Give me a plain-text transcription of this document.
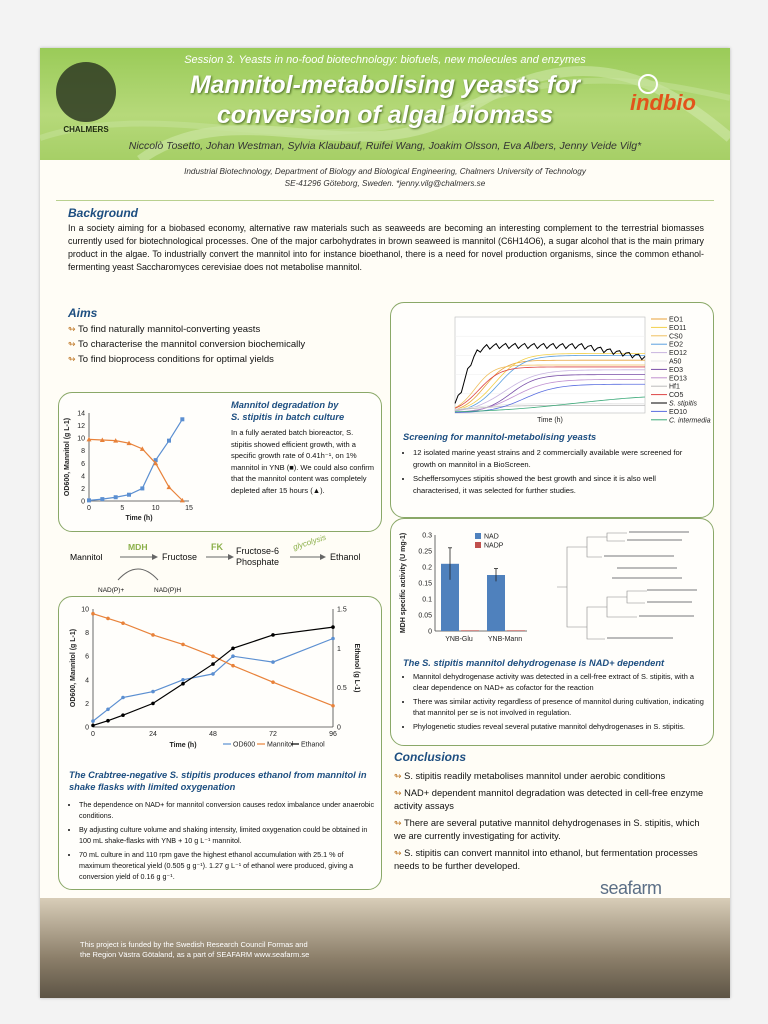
CHALMERS
Session 3. Yeasts in no-food biotechnology: biofuels, new molecules and enzymes
Mannitol-metabolising yeasts for
conversion of algal biomass	indbio
Niccolò Tosetto, Johan Westman, Sylvia Klaubauf, Ruifei Wang, Joakim Olsson, Eva Albers, Jenny Veide Vilg*
Industrial Biotechnology, Department of Biology and Biological Engineering, Chalmers University of Technology
SE-41296 Göteborg, Sweden. *jenny.vilg@chalmers.se
Background
In a society aiming for a biobased economy, alternative raw materials such as seaweeds are becoming an interesting complement to the terrestrial biomasses currently used for biotechnological processes. One of the major carbohydrates in brown seaweed is mannitol (C6H14O6), a sugar alcohol that is the main primary product in the algae. To industrially convert the mannitol into for instance bioethanol, there is a need for novel production organisms, since the common ethanol-fermenting yeast Saccharomyces cerevisiae does not metabolise mannitol.
Aims
↬ To find naturally mannitol-converting yeasts
↬ To characterise the mannitol conversion biochemically
↬ To find bioprocess conditions for optimal yields
Time (h)
EO1
EO11
CS0
EO2
EO12
A50
EO3
EO13
Hf1
CO5
S. stipitis
EO10
C. intermedia
Screening for mannitol-metabolising yeasts
• 12 isolated marine yeast strains and 2 commercially available were screened for growth on mannitol in a BioScreen.
• Scheffersomyces stipitis showed the best growth and since it is also well characterised, it was selected for further studies.
0
2
4
6
8
10
12
14
0	5	10	15
Time (h)
OD600, Mannitol (g L-1)
Mannitol degradation by
S. stipitis in batch culture
In a fully aerated batch bioreactor, S. stipitis showed efficient growth, with a specific growth rate of 0.41h⁻¹, on 1% mannitol in YNB (■). We could also confirm that the mannitol content was completely depleted after 15 hours (▲).
Mannitol
MDH
Fructose
FK Fructose-6
Phosphate
glycolysis
Ethanol
NAD(P)+	NAD(P)H
0
2
4
6
8
10
0
0.5
1
1.5
0	24	48	72	96
Time (h)
OD600, Mannitol (g L-1)	Ethanol (g L-1)
OD600 Mannitol Ethanol
The Crabtree-negative S. stipitis produces ethanol from mannitol in shake flasks with limited oxygenation
• The dependence on NAD+ for mannitol conversion causes redox imbalance under anaerobic conditions.
• By adjusting culture volume and shaking intensity, limited oxygenation could be obtained in 100 mL shake-flasks with YNB + 10 g L⁻¹ mannitol.
• 70 mL culture in and 110 rpm gave the highest ethanol accumulation with 25.1 % of maximum theoretical yield (0.505 g g⁻¹). 1.27 g L⁻¹ of ethanol were produced, giving a conversion yield of 0.16 g g⁻¹.
0
0.05
0.1
0.15
0.2
0.25
0.3
MDH specific activity (U mg-1)
YNB-Glu YNB-Mann
NAD
NADP
The S. stipitis mannitol dehydrogenase is NAD+ dependent
• Mannitol dehydrogenase activity was detected in a cell-free extract of S. stipitis, with a clear dependence on NAD+ as cofactor for the reaction
• There was similar activity regardless of presence of mannitol during cultivation, indicating that mannitol per se is not involved in regulation.
• Phylogenetic studies reveal several putative mannitol dehydrogenases in S. stipitis.
Conclusions
↬ S. stipitis readily metabolises mannitol under aerobic conditions
↬ NAD+ dependent mannitol degradation was detected in cell-free enzyme activity assays
↬ There are several putative mannitol dehydrogenases in S. stipitis, which we are currently investigating for activity.
↬ S. stipitis can convert mannitol into ethanol, but fermentation processes needs to be further developed.
seafarm
This project is funded by the Swedish Research Council Formas and
the Region Västra Götaland, as a part of SEAFARM www.seafarm.se
